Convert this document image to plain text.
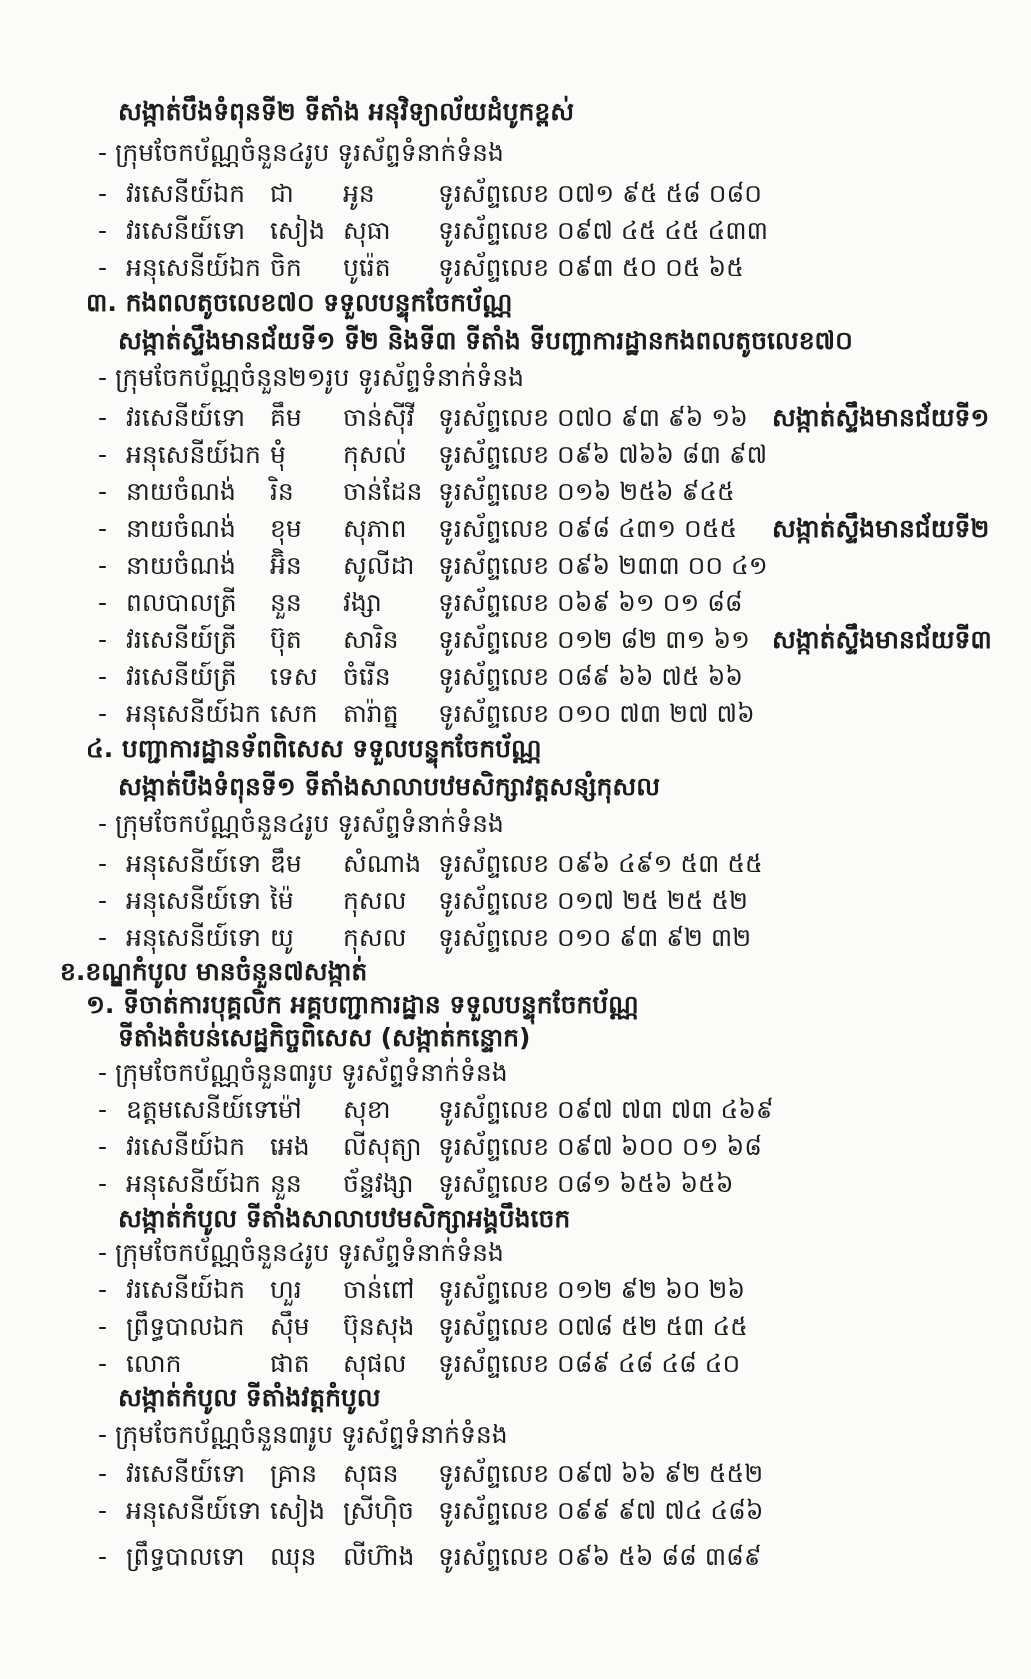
សង្កាត់បឹងទំពុនទី២ ទីតាំង អនុវិទ្យាល័យដំបូកខ្ពស់
- ក្រុមចែកប័ណ្ណចំនួន៤រូប ទូរស័ព្ទទំនាក់ទំនង
- វរសេនីយ៍ឯក ជា អូន	ទូរស័ព្ទលេខ ០៧១ ៩៥ ៥៨ ០៨០
- វរសេនីយ៍ទោ សៀង សុធា ទូរស័ព្ទលេខ ០៩៧ ៤៥ ៤៥ ៤៣៣
- អនុសេនីយ៍ឯក ចិក បូរ៉េត ទូរស័ព្ទលេខ ០៩៣ ៥០ ០៥ ៦៥
៣. កងពលតូចលេខ៧០ ទទួលបន្ទុកចែកប័ណ្ណ
សង្កាត់ស្ទឹងមានជ័យទី១ ទី២ និងទី៣ ទីតាំង ទីបញ្ជាការដ្ឋានកងពលតូចលេខ៧០
- ក្រុមចែកប័ណ្ណចំនួន២១រូប ទូរស័ព្ទទំនាក់ទំនង
- វរសេនីយ៍ទោ គឹម ចាន់ស៊ីវី ទូរស័ព្ទលេខ ០៧០ ៩៣ ៩៦ ១៦ សង្កាត់ស្ទឹងមានជ័យទី១
- អនុសេនីយ៍ឯក មុំ កុសល់ ទូរស័ព្ទលេខ ០៩៦ ៧៦៦ ៨៣ ៩៧
- នាយចំណង់ រិន ចាន់ដែន ទូរស័ព្ទលេខ ០១៦ ២៥៦ ៩៤៥
- នាយចំណង់ ខុម សុភាព ទូរស័ព្ទលេខ ០៩៨ ៤៣១ ០៥៥ សង្កាត់ស្ទឹងមានជ័យទី២
- នាយចំណង់ អ៊ិន សូលីដា ទូរស័ព្ទលេខ ០៩៦ ២៣៣ ០០ ៤១
- ពលបាលត្រី នួន វង្សា ទូរស័ព្ទលេខ ០៦៩ ៦១ ០១ ៨៨
- វរសេនីយ៍ត្រី ប៊ុត សារិន ទូរស័ព្ទលេខ ០១២ ៨២ ៣១ ៦១ សង្កាត់ស្ទឹងមានជ័យទី៣
- វរសេនីយ៍ត្រី ទេស ចំរើន ទូរស័ព្ទលេខ ០៨៩ ៦៦ ៧៥ ៦៦
- អនុសេនីយ៍ឯក សេក តារ៉ាត្ន ទូរស័ព្ទលេខ ០១០ ៧៣ ២៧ ៧៦
៤. បញ្ជាការដ្ឋានទ័ពពិសេស ទទួលបន្ទុកចែកប័ណ្ណ
សង្កាត់បឹងទំពុនទី១ ទីតាំងសាលាបឋមសិក្សាវត្តសន្សំកុសល
- ក្រុមចែកប័ណ្ណចំនួន៤រូប ទូរស័ព្ទទំនាក់ទំនង
- អនុសេនីយ៍ទោ ឌឹម សំណាង ទូរស័ព្ទលេខ ០៩៦ ៤៩១ ៥៣ ៥៥
- អនុសេនីយ៍ទោ ម៉ៃ កុសល ទូរស័ព្ទលេខ ០១៧ ២៥ ២៥ ៥២
- អនុសេនីយ៍ទោ យូ កុសល ទូរស័ព្ទលេខ ០១០ ៩៣ ៩២ ៣២
ខ.ខណ្ឌកំបូល មានចំនួន៧សង្កាត់
១. ទីចាត់ការបុគ្គលិក អគ្គបញ្ជាការដ្ឋាន ទទួលបន្ទុកចែកប័ណ្ណ
ទីតាំងតំបន់សេដ្ឋកិច្ចពិសេស (សង្កាត់កន្ទោក)
- ក្រុមចែកប័ណ្ណចំនួន៣រូប ទូរស័ព្ទទំនាក់ទំនង
- ឧត្តមសេនីយ៍ទោ
ម៉ៅ សុខា ទូរស័ព្ទលេខ ០៩៧ ៧៣ ៧៣ ៤៦៩
- វរសេនីយ៍ឯក អេង លីសុត្យា ទូរស័ព្ទលេខ ០៩៧ ៦០០ ០១ ៦៨
- អនុសេនីយ៍ឯក នួន ច័ន្ទវង្សា ទូរស័ព្ទលេខ ០៨១ ៦៥៦ ៦៥៦
សង្កាត់កំបូល ទីតាំងសាលាបឋមសិក្សាអង្គបឹងចេក
- ក្រុមចែកប័ណ្ណចំនួន៤រូប ទូរស័ព្ទទំនាក់ទំនង
- វរសេនីយ៍ឯក ហួរ ចាន់ពៅ ទូរស័ព្ទលេខ ០១២ ៩២ ៦០ ២៦
- ព្រឹទ្ធបាលឯក ស៊ឹម ប៊ុនសុង ទូរស័ព្ទលេខ ០៧៨ ៥២ ៥៣ ៤៥
- លោក	ផាត សុផល ទូរស័ព្ទលេខ ០៨៩ ៤៨ ៤៨ ៤០
សង្កាត់កំបូល ទីតាំងវត្តកំបូល
- ក្រុមចែកប័ណ្ណចំនួន៣រូប ទូរស័ព្ទទំនាក់ទំនង
- វរសេនីយ៍ទោ គ្រាន សុធន ទូរស័ព្ទលេខ ០៩៧ ៦៦ ៩២ ៥៥២
- អនុសេនីយ៍ទោ សៀង ស្រីហ៊ិច ទូរស័ព្ទលេខ ០៩៩ ៩៧ ៧៤ ៤៨៦
- ព្រឹទ្ធបាលទោ ឈុន លីហ៊ាង ទូរស័ព្ទលេខ ០៩៦ ៥៦ ៨៨ ៣៨៩
